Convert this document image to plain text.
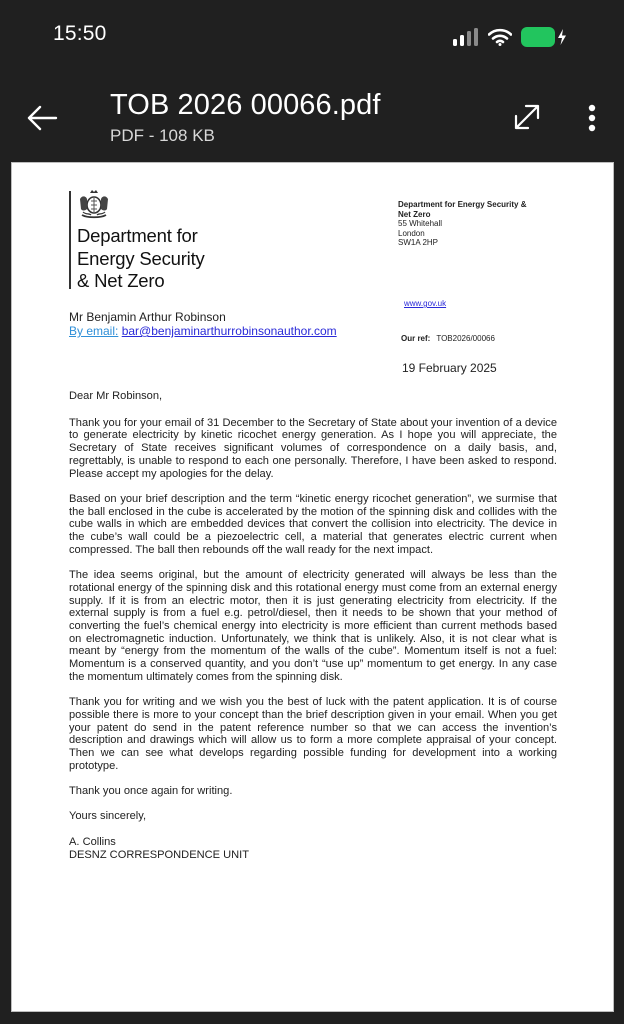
15:50
TOB 2026 00066.pdf
PDF - 108 KB
Department for
Energy Security
& Net Zero
Department for Energy Security &
Net Zero
55 Whitehall
London
SW1A 2HP
www.gov.uk
Our ref: TOB2026/00066
19 February 2025
Mr Benjamin Arthur Robinson
By email: bar@benjaminarthurrobinsonauthor.com

Dear Mr Robinson,

Thank you for your email of 31 December to the Secretary of State about your invention of a device to generate electricity by kinetic ricochet energy generation. As I hope you will appreciate, the Secretary of State receives significant volumes of correspondence on a daily basis, and, regrettably, is unable to respond to each one personally. Therefore, I have been asked to respond. Please accept my apologies for the delay.

Based on your brief description and the term “kinetic energy ricochet generation”, we surmise that the ball enclosed in the cube is accelerated by the motion of the spinning disk and collides with the cube walls in which are embedded devices that convert the collision into electricity. The device in the cube’s wall could be a piezoelectric cell, a material that generates electric current when compressed. The ball then rebounds off the wall ready for the next impact.

The idea seems original, but the amount of electricity generated will always be less than the rotational energy of the spinning disk and this rotational energy must come from an external energy supply. If it is from an electric motor, then it is just generating electricity from electricity. If the external supply is from a fuel e.g. petrol/diesel, then it needs to be shown that your method of converting the fuel’s chemical energy into electricity is more efficient than current methods based on electromagnetic induction. Unfortunately, we think that is unlikely. Also, it is not clear what is meant by “energy from the momentum of the walls of the cube”. Momentum itself is not a fuel: Momentum is a conserved quantity, and you don’t “use up” momentum to get energy. In any case the momentum ultimately comes from the spinning disk.

Thank you for writing and we wish you the best of luck with the patent application. It is of course possible there is more to your concept than the brief description given in your email. When you get your patent do send in the patent reference number so that we can access the invention’s description and drawings which will allow us to form a more complete appraisal of your concept. Then we can see what develops regarding possible funding for development into a working prototype.

Thank you once again for writing.

Yours sincerely,

A. Collins
DESNZ CORRESPONDENCE UNIT
